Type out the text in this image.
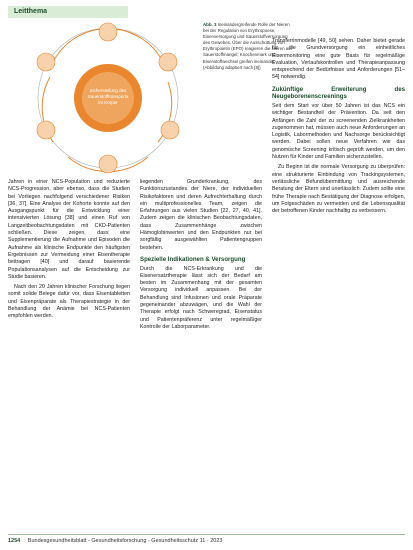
Leitthema
Sicherstellung des
Sauerstofftransports
im Körper
Abb. 3 Ineinandergreifende Rolle der Nieren bei der Regulation von Erythropoese, Eisenversorgung und Sauerstoffversorgung des Gewebes. Über die Ausschüttung von Erythropoietin (EPO) reagieren die Nieren auf Sauerstoffmangel; Knochenmark und Eisenstoffwechsel greifen ineinander (Abbildung adaptiert nach [8])

Jahren in einer NCS-Population und reduzierte NCS-Progression, aber ebenso, dass die Studien bei Vorliegen nachfolgend verschiedener Risiken [36, 37]. Eine Analyse der Kohorte konnte auf den Ausgangspunkt für die Entwicklung einer intensivierten Lösung [38] und einen Ruf von Langzeitbeobachtungsdaten mit CKD-Patienten schließen. Diese zeigen, dass eine Supplementierung die Aufnahme und Episoden die Aufnahme als klinische Endpunkte den häufigsten Ergebnissen zur Vermeidung einer Eisentherapie beitragen [40] und darauf basierende Populationsanalysen auf die Entscheidung zur Studie basieren.

Nach den 20 Jahren klinischer Forschung liegen somit solide Belege dafür vor, dass Eisentabletten und Eisenpräparate als Therapiestrategie in der Behandlung der Anämie bei NCS-Patienten empfohlen werden.

liegenden Grunderkrankung, des Funktionszustandes der Niere, der individuellen Risikofaktoren und deren Aufrechterhaltung durch ein multiprofessionelles Team, zeigen die Erfahrungen aus vielen Studien [22, 27, 40, 41]. Zudem zeigen die klinischen Beobachtungsdaten, dass Zusammenhänge zwischen Hämoglobinwerten und den Endpunkten nur bei sorgfältig ausgewählten Patientengruppen bestehen.

Spezielle Indikationen & Versorgung

Durch die NCS-Erkrankung und die Eisenersatztherapie lässt sich der Bedarf am besten im Zusammenhang mit der gesamten Versorgung individuell anpassen. Bei der Behandlung sind Infusionen und orale Präparate gegeneinander abzuwägen, und die Wahl der Therapie erfolgt nach Schweregrad, Eisenstatus und Patientenpräferenz unter regelmäßiger Kontrolle der Laborparameter.

Transferrinmodelle [49, 50] sehen. Daher bietet gerade für die Grundversorgung ein einheitliches Eisenmonitoring eine gute Basis für regelmäßige Evaluation, Verlaufskontrollen und Therapieanpassung entsprechend der Bedürfnisse und Anforderungen [51–54] notwendig.

Zukünftige Erweiterung des Neugeborenenscreenings

Seit dem Start vor über 50 Jahren ist das NCS ein wichtiger Bestandteil der Prävention. Da seit den Anfängen die Zahl der zu screenenden Zielkrankheiten zugenommen hat, müssen auch neue Anforderungen an Logistik, Labormethoden und Nachsorge berücksichtigt werden. Dabei sollen neue Verfahren wie das genomische Screening kritisch geprüft werden, um den Nutzen für Kinder und Familien sicherzustellen.

Zu Beginn ist die normale Versorgung zu überprüfen: eine strukturierte Einbindung von Trackingsystemen, verlässliche Befundübermittlung und ausreichende Beratung der Eltern sind unerlässlich. Zudem sollte eine frühe Therapie nach Bestätigung der Diagnose erfolgen, um Folgeschäden zu vermeiden und die Lebensqualität der betroffenen Kinder nachhaltig zu verbessern.

1254 Bundesgesundheitsblatt - Gesundheitsforschung - Gesundheitsschutz 11 · 2023
